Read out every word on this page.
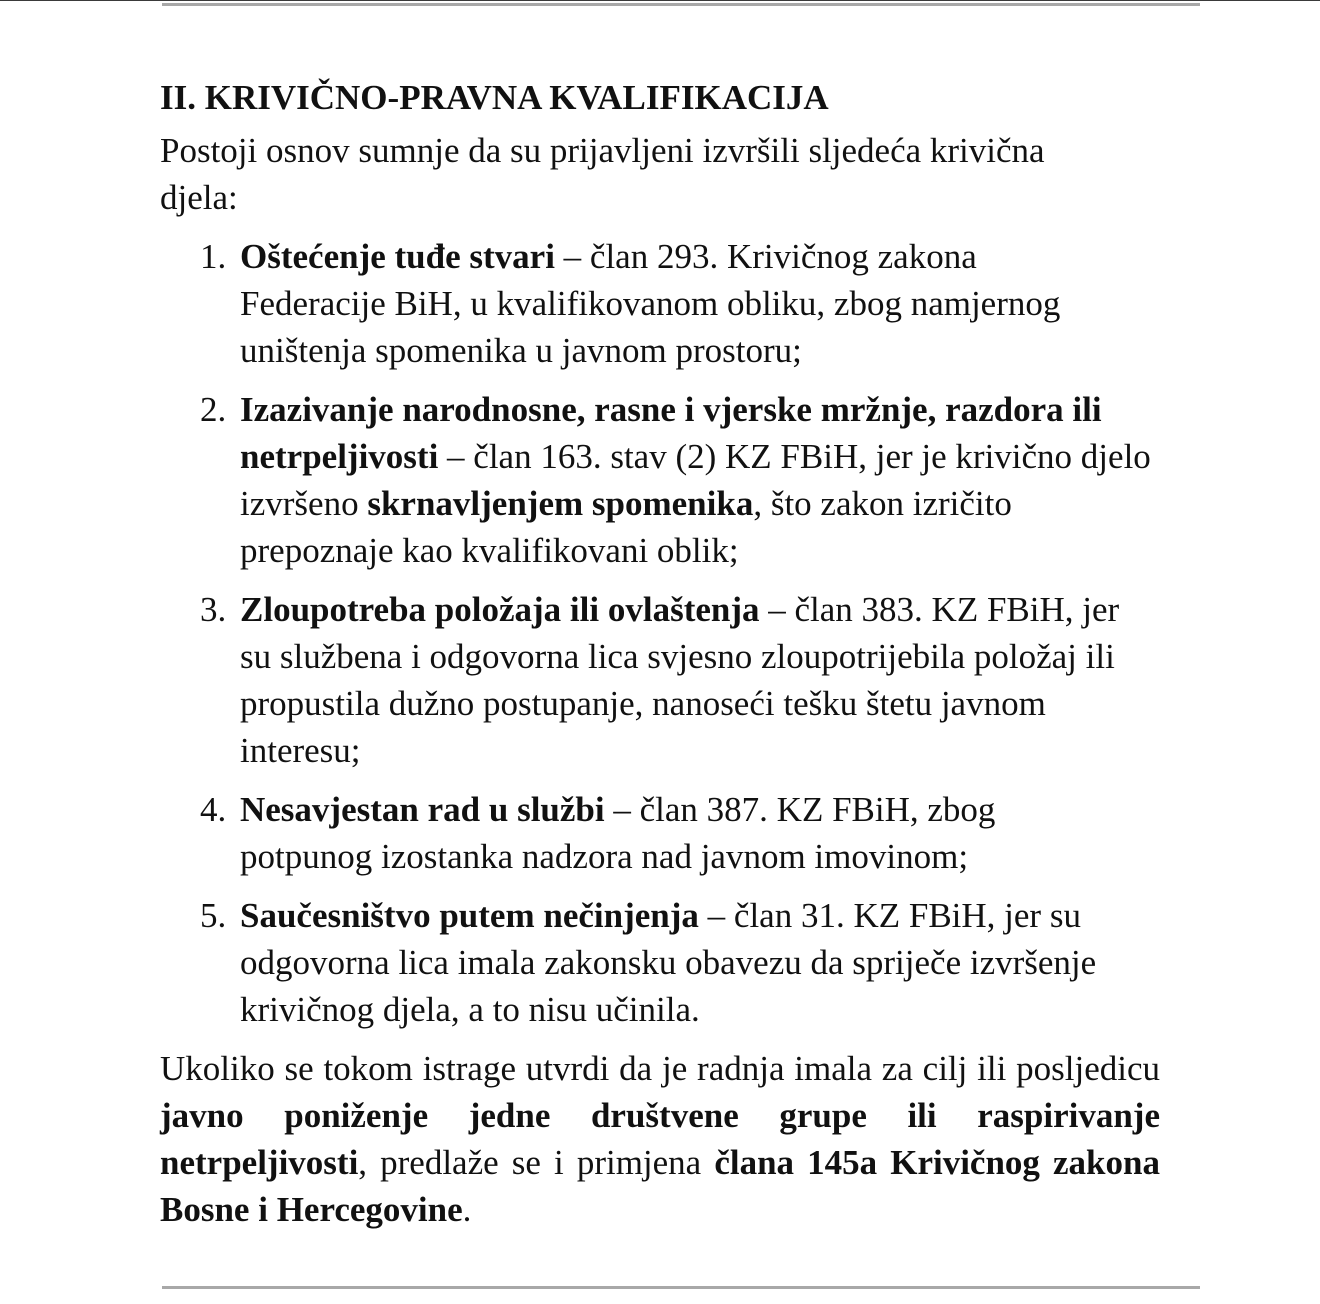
II. KRIVIČNO-PRAVNA KVALIFIKACIJA

Postoji osnov sumnje da su prijavljeni izvršili sljedeća krivična djela:

1. Oštećenje tuđe stvari – član 293. Krivičnog zakona Federacije BiH, u kvalifikovanom obliku, zbog namjernog uništenja spomenika u javnom prostoru;
2. Izazivanje narodnosne, rasne i vjerske mržnje, razdora ili netrpeljivosti – član 163. stav (2) KZ FBiH, jer je krivično djelo izvršeno skrnavljenjem spomenika, što zakon izričito prepoznaje kao kvalifikovani oblik;
3. Zloupotreba položaja ili ovlaštenja – član 383. KZ FBiH, jer su službena i odgovorna lica svjesno zloupotrijebila položaj ili propustila dužno postupanje, nanoseći tešku štetu javnom interesu;
4. Nesavjestan rad u službi – član 387. KZ FBiH, zbog potpunog izostanka nadzora nad javnom imovinom;
5. Saučesništvo putem nečinjenja – član 31. KZ FBiH, jer su odgovorna lica imala zakonsku obavezu da spriječe izvršenje krivičnog djela, a to nisu učinila.

Ukoliko se tokom istrage utvrdi da je radnja imala za cilj ili posljedicu javno poniženje jedne društvene grupe ili raspirivanje netrpeljivosti, predlaže se i primjena člana 145a Krivičnog zakona Bosne i Hercegovine.
